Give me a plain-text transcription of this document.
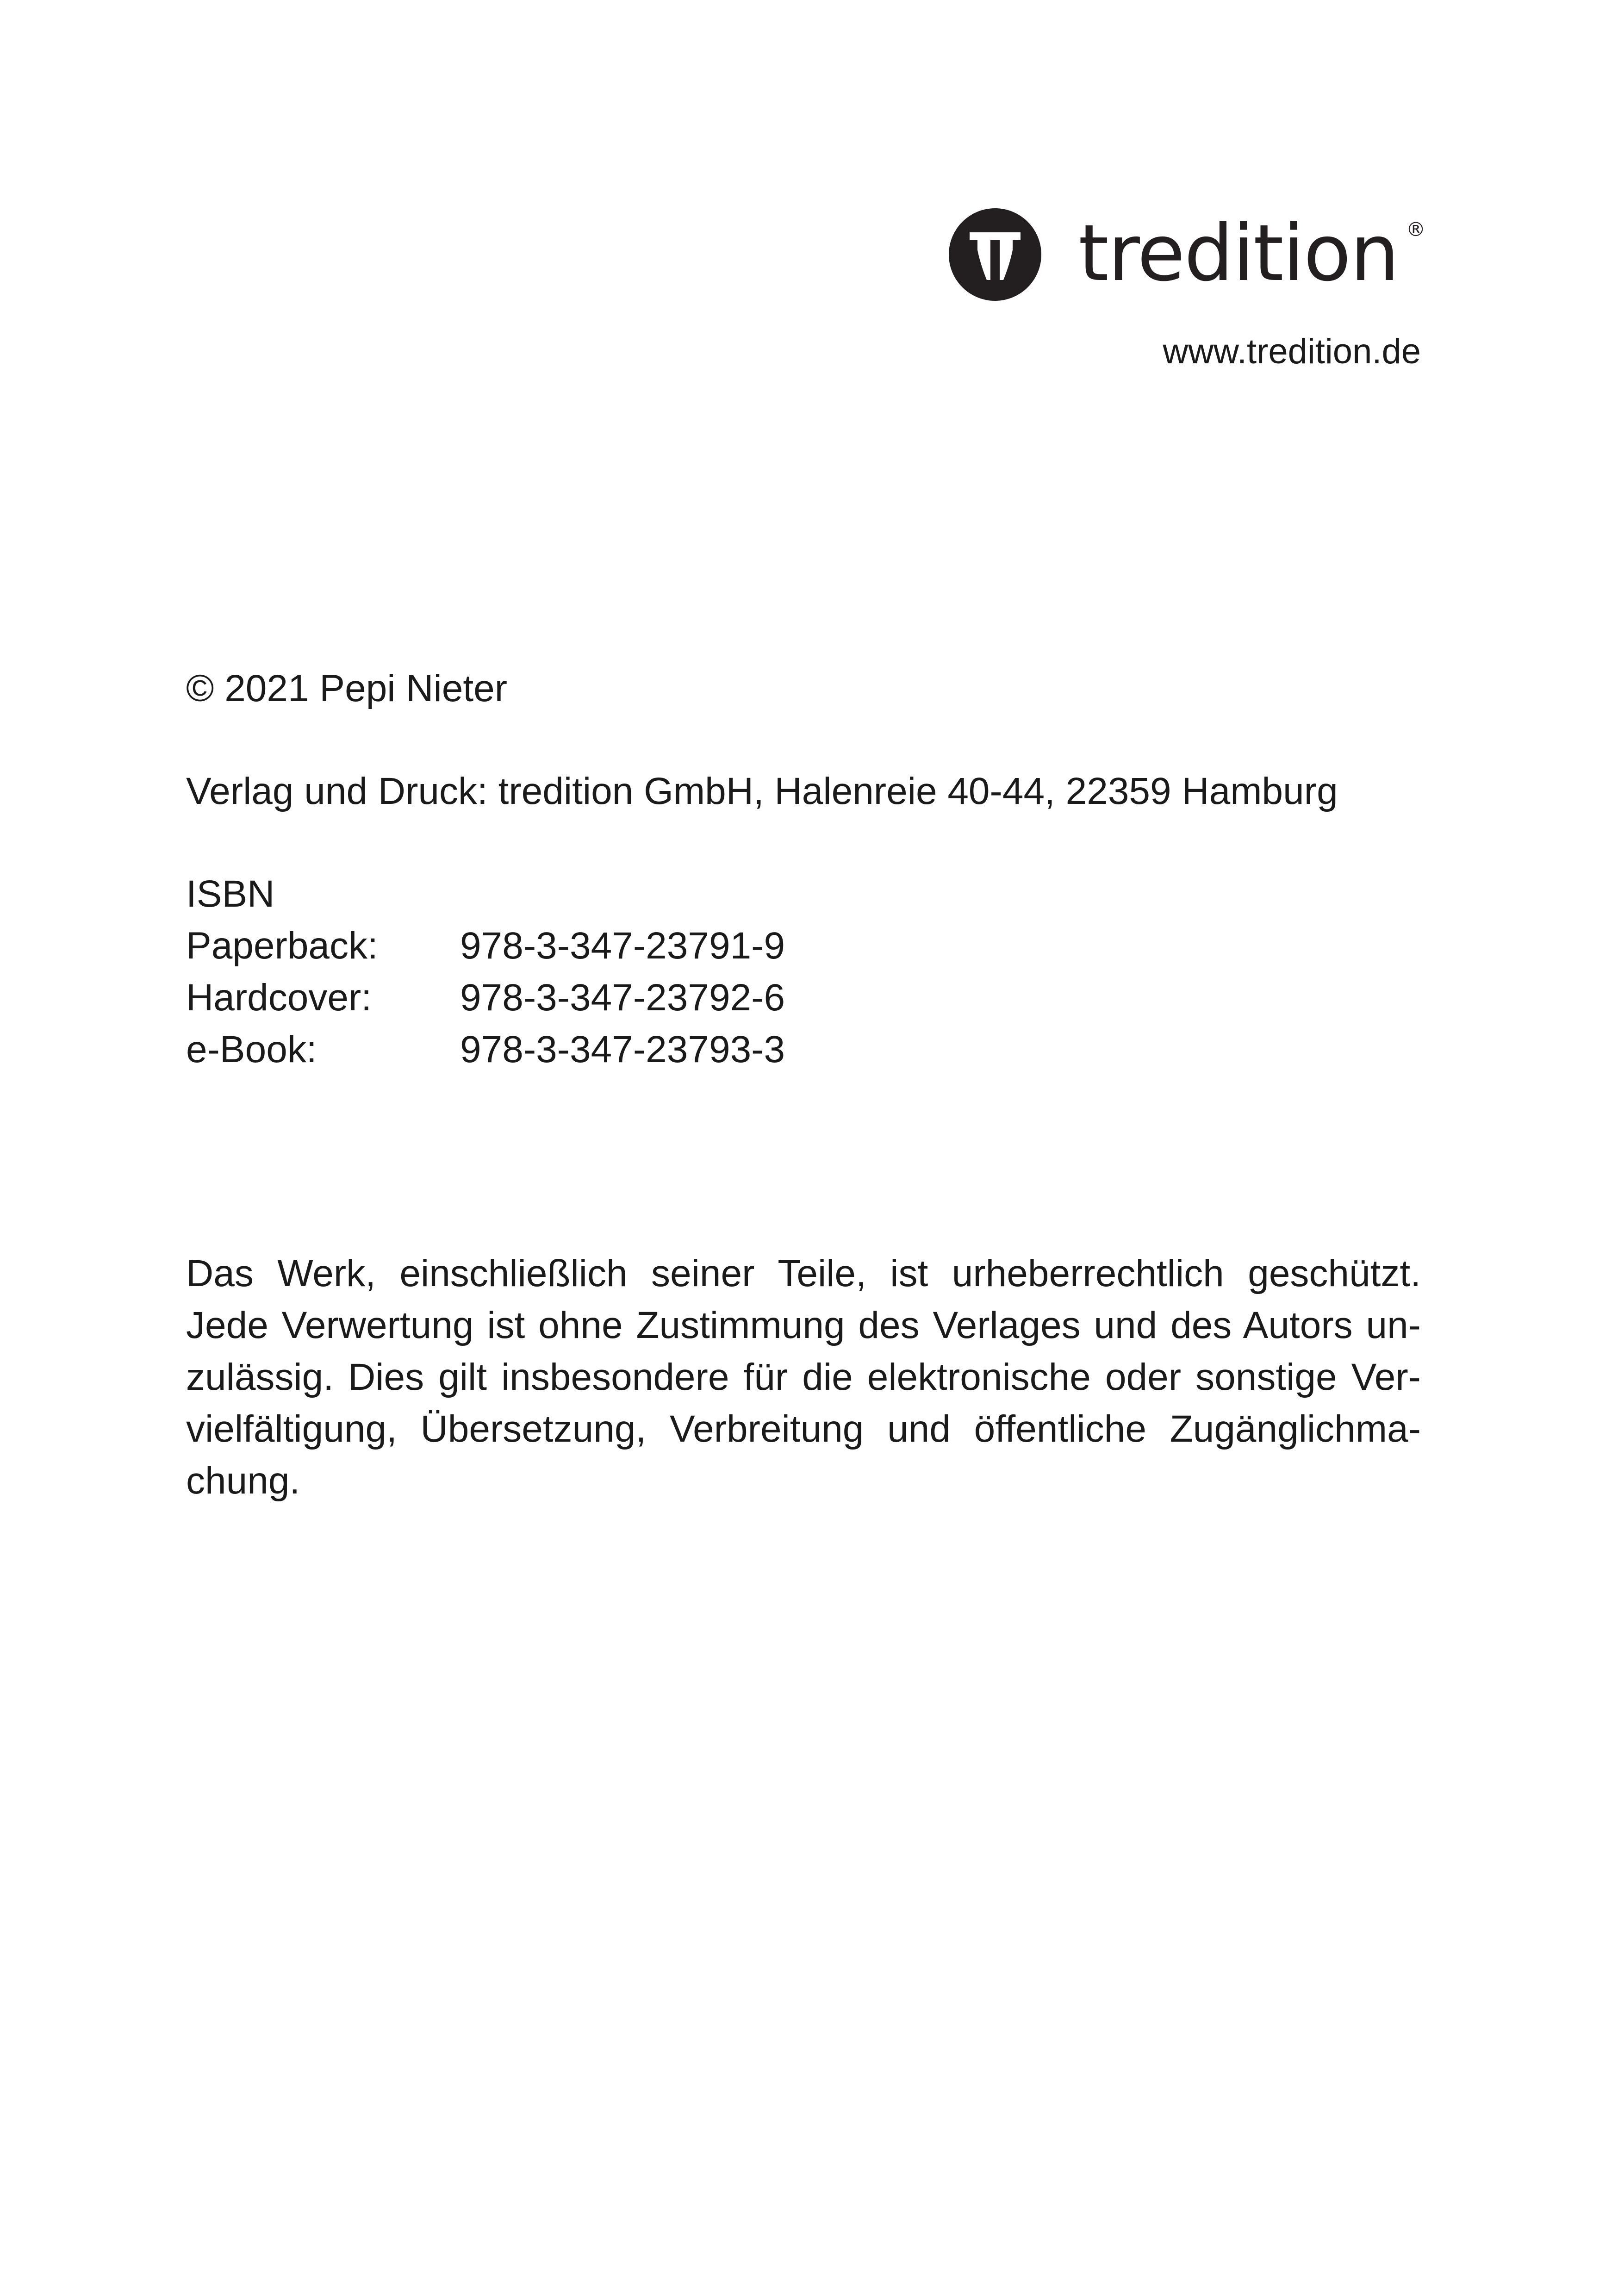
tredition ®
www.tredition.de
© 2021 Pepi Nieter
Verlag und Druck: tredition GmbH, Halenreie 40-44, 22359 Hamburg
ISBN
Paperback:	978-3-347-23791-9
Hardcover:	978-3-347-23792-6
e-Book:	978-3-347-23793-3
Das Werk, einschließlich seiner Teile, ist urheberrechtlich geschützt.
Jede Verwertung ist ohne Zustimmung des Verlages und des Autors un-
zulässig. Dies gilt insbesondere für die elektronische oder sonstige Ver-
vielfältigung, Übersetzung, Verbreitung und öffentliche Zugänglichma-
chung.
